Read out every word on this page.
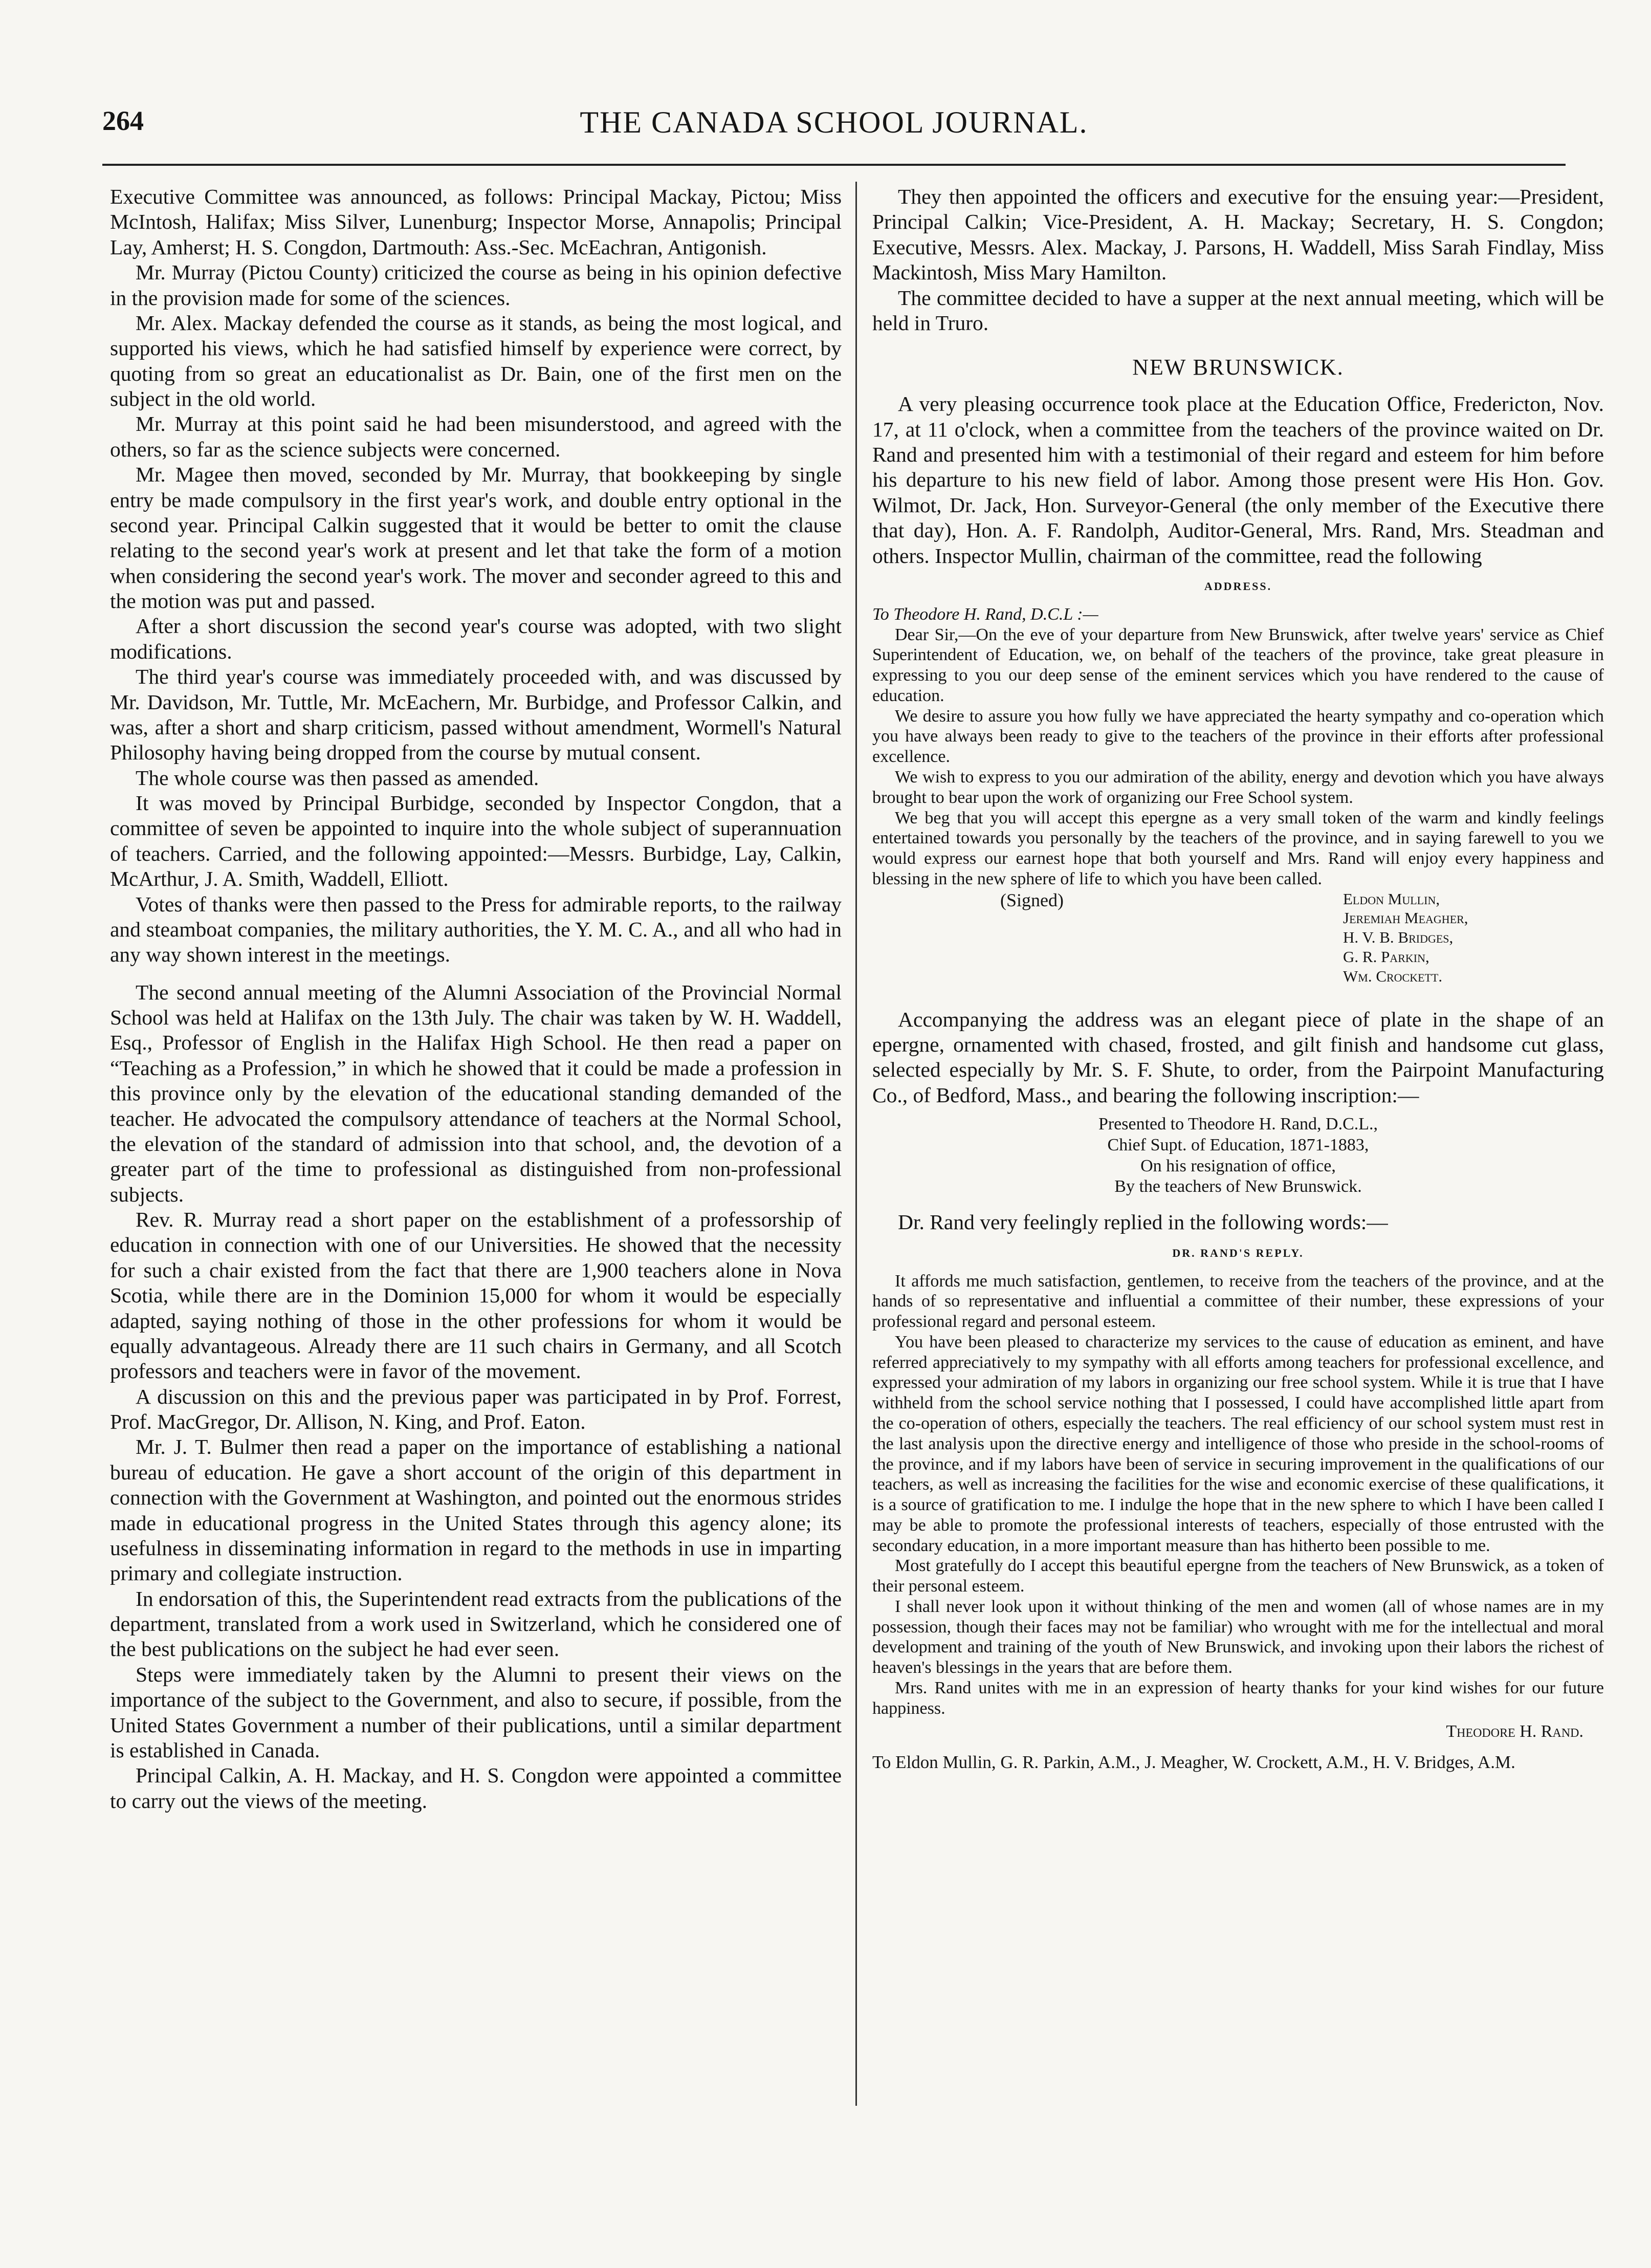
264	THE CANADA SCHOOL JOURNAL.

Executive Committee was announced, as follows: Principal Mackay, Pictou; Miss McIntosh, Halifax; Miss Silver, Lunenburg; Inspector Morse, Annapolis; Principal Lay, Amherst; H. S. Congdon, Dartmouth: Ass.-Sec. McEachran, Antigonish.

Mr. Murray (Pictou County) criticized the course as being in his opinion defective in the provision made for some of the sciences.

Mr. Alex. Mackay defended the course as it stands, as being the most logical, and supported his views, which he had satisfied himself by experience were correct, by quoting from so great an educationalist as Dr. Bain, one of the first men on the subject in the old world.

Mr. Murray at this point said he had been misunderstood, and agreed with the others, so far as the science subjects were concerned.

Mr. Magee then moved, seconded by Mr. Murray, that bookkeeping by single entry be made compulsory in the first year's work, and double entry optional in the second year. Principal Calkin suggested that it would be better to omit the clause relating to the second year's work at present and let that take the form of a motion when considering the second year's work. The mover and seconder agreed to this and the motion was put and passed.

After a short discussion the second year's course was adopted, with two slight modifications.

The third year's course was immediately proceeded with, and was discussed by Mr. Davidson, Mr. Tuttle, Mr. McEachern, Mr. Burbidge, and Professor Calkin, and was, after a short and sharp criticism, passed without amendment, Wormell's Natural Philosophy having being dropped from the course by mutual consent.

The whole course was then passed as amended.

It was moved by Principal Burbidge, seconded by Inspector Congdon, that a committee of seven be appointed to inquire into the whole subject of superannuation of teachers. Carried, and the following appointed:—Messrs. Burbidge, Lay, Calkin, McArthur, J. A. Smith, Waddell, Elliott.

Votes of thanks were then passed to the Press for admirable reports, to the railway and steamboat companies, the military authorities, the Y. M. C. A., and all who had in any way shown interest in the meetings.

The second annual meeting of the Alumni Association of the Provincial Normal School was held at Halifax on the 13th July. The chair was taken by W. H. Waddell, Esq., Professor of English in the Halifax High School. He then read a paper on “Teaching as a Profession,” in which he showed that it could be made a profession in this province only by the elevation of the educational standing demanded of the teacher. He advocated the compulsory attendance of teachers at the Normal School, the elevation of the standard of admission into that school, and, the devotion of a greater part of the time to professional as distinguished from non-professional subjects.

Rev. R. Murray read a short paper on the establishment of a professorship of education in connection with one of our Universities. He showed that the necessity for such a chair existed from the fact that there are 1,900 teachers alone in Nova Scotia, while there are in the Dominion 15,000 for whom it would be especially adapted, saying nothing of those in the other professions for whom it would be equally advantageous. Already there are 11 such chairs in Germany, and all Scotch professors and teachers were in favor of the movement.

A discussion on this and the previous paper was participated in by Prof. Forrest, Prof. MacGregor, Dr. Allison, N. King, and Prof. Eaton.

Mr. J. T. Bulmer then read a paper on the importance of establishing a national bureau of education. He gave a short account of the origin of this department in connection with the Government at Washington, and pointed out the enormous strides made in educational progress in the United States through this agency alone; its usefulness in disseminating information in regard to the methods in use in imparting primary and collegiate instruction.

In endorsation of this, the Superintendent read extracts from the publications of the department, translated from a work used in Switzerland, which he considered one of the best publications on the subject he had ever seen.

Steps were immediately taken by the Alumni to present their views on the importance of the subject to the Government, and also to secure, if possible, from the United States Government a number of their publications, until a similar department is established in Canada.

Principal Calkin, A. H. Mackay, and H. S. Congdon were appointed a committee to carry out the views of the meeting.

They then appointed the officers and executive for the ensuing year:—President, Principal Calkin; Vice-President, A. H. Mackay; Secretary, H. S. Congdon; Executive, Messrs. Alex. Mackay, J. Parsons, H. Waddell, Miss Sarah Findlay, Miss Mackintosh, Miss Mary Hamilton.

The committee decided to have a supper at the next annual meeting, which will be held in Truro.

NEW BRUNSWICK.

A very pleasing occurrence took place at the Education Office, Fredericton, Nov. 17, at 11 o'clock, when a committee from the teachers of the province waited on Dr. Rand and presented him with a testimonial of their regard and esteem for him before his departure to his new field of labor. Among those present were His Hon. Gov. Wilmot, Dr. Jack, Hon. Surveyor-General (the only member of the Executive there that day), Hon. A. F. Randolph, Auditor-General, Mrs. Rand, Mrs. Steadman and others. Inspector Mullin, chairman of the committee, read the following

ADDRESS.

To Theodore H. Rand, D.C.L :—

Dear Sir,—On the eve of your departure from New Brunswick, after twelve years' service as Chief Superintendent of Education, we, on behalf of the teachers of the province, take great pleasure in expressing to you our deep sense of the eminent services which you have rendered to the cause of education.

We desire to assure you how fully we have appreciated the hearty sympathy and co-operation which you have always been ready to give to the teachers of the province in their efforts after professional excellence.

We wish to express to you our admiration of the ability, energy and devotion which you have always brought to bear upon the work of organizing our Free School system.

We beg that you will accept this epergne as a very small token of the warm and kindly feelings entertained towards you personally by the teachers of the province, and in saying farewell to you we would express our earnest hope that both yourself and Mrs. Rand will enjoy every happiness and blessing in the new sphere of life to which you have been called.

(Signed)	Eldon Mullin,
Jeremiah Meagher,
H. V. B. Bridges,
G. R. Parkin,
Wm. Crockett.

Accompanying the address was an elegant piece of plate in the shape of an epergne, ornamented with chased, frosted, and gilt finish and handsome cut glass, selected especially by Mr. S. F. Shute, to order, from the Pairpoint Manufacturing Co., of Bedford, Mass., and bearing the following inscription:—

Presented to Theodore H. Rand, D.C.L.,
Chief Supt. of Education, 1871-1883,
On his resignation of office,
By the teachers of New Brunswick.

Dr. Rand very feelingly replied in the following words:—

DR. RAND'S REPLY.

It affords me much satisfaction, gentlemen, to receive from the teachers of the province, and at the hands of so representative and influential a committee of their number, these expressions of your professional regard and personal esteem.

You have been pleased to characterize my services to the cause of education as eminent, and have referred appreciatively to my sympathy with all efforts among teachers for professional excellence, and expressed your admiration of my labors in organizing our free school system. While it is true that I have withheld from the school service nothing that I possessed, I could have accomplished little apart from the co-operation of others, especially the teachers. The real efficiency of our school system must rest in the last analysis upon the directive energy and intelligence of those who preside in the school-rooms of the province, and if my labors have been of service in securing improvement in the qualifications of our teachers, as well as increasing the facilities for the wise and economic exercise of these qualifications, it is a source of gratification to me. I indulge the hope that in the new sphere to which I have been called I may be able to promote the professional interests of teachers, especially of those entrusted with the secondary education, in a more important measure than has hitherto been possible to me.

Most gratefully do I accept this beautiful epergne from the teachers of New Brunswick, as a token of their personal esteem.

I shall never look upon it without thinking of the men and women (all of whose names are in my possession, though their faces may not be familiar) who wrought with me for the intellectual and moral development and training of the youth of New Brunswick, and invoking upon their labors the richest of heaven's blessings in the years that are before them.

Mrs. Rand unites with me in an expression of hearty thanks for your kind wishes for our future happiness.

Theodore H. Rand.

To Eldon Mullin, G. R. Parkin, A.M., J. Meagher, W. Crockett, A.M., H. V. Bridges, A.M.
